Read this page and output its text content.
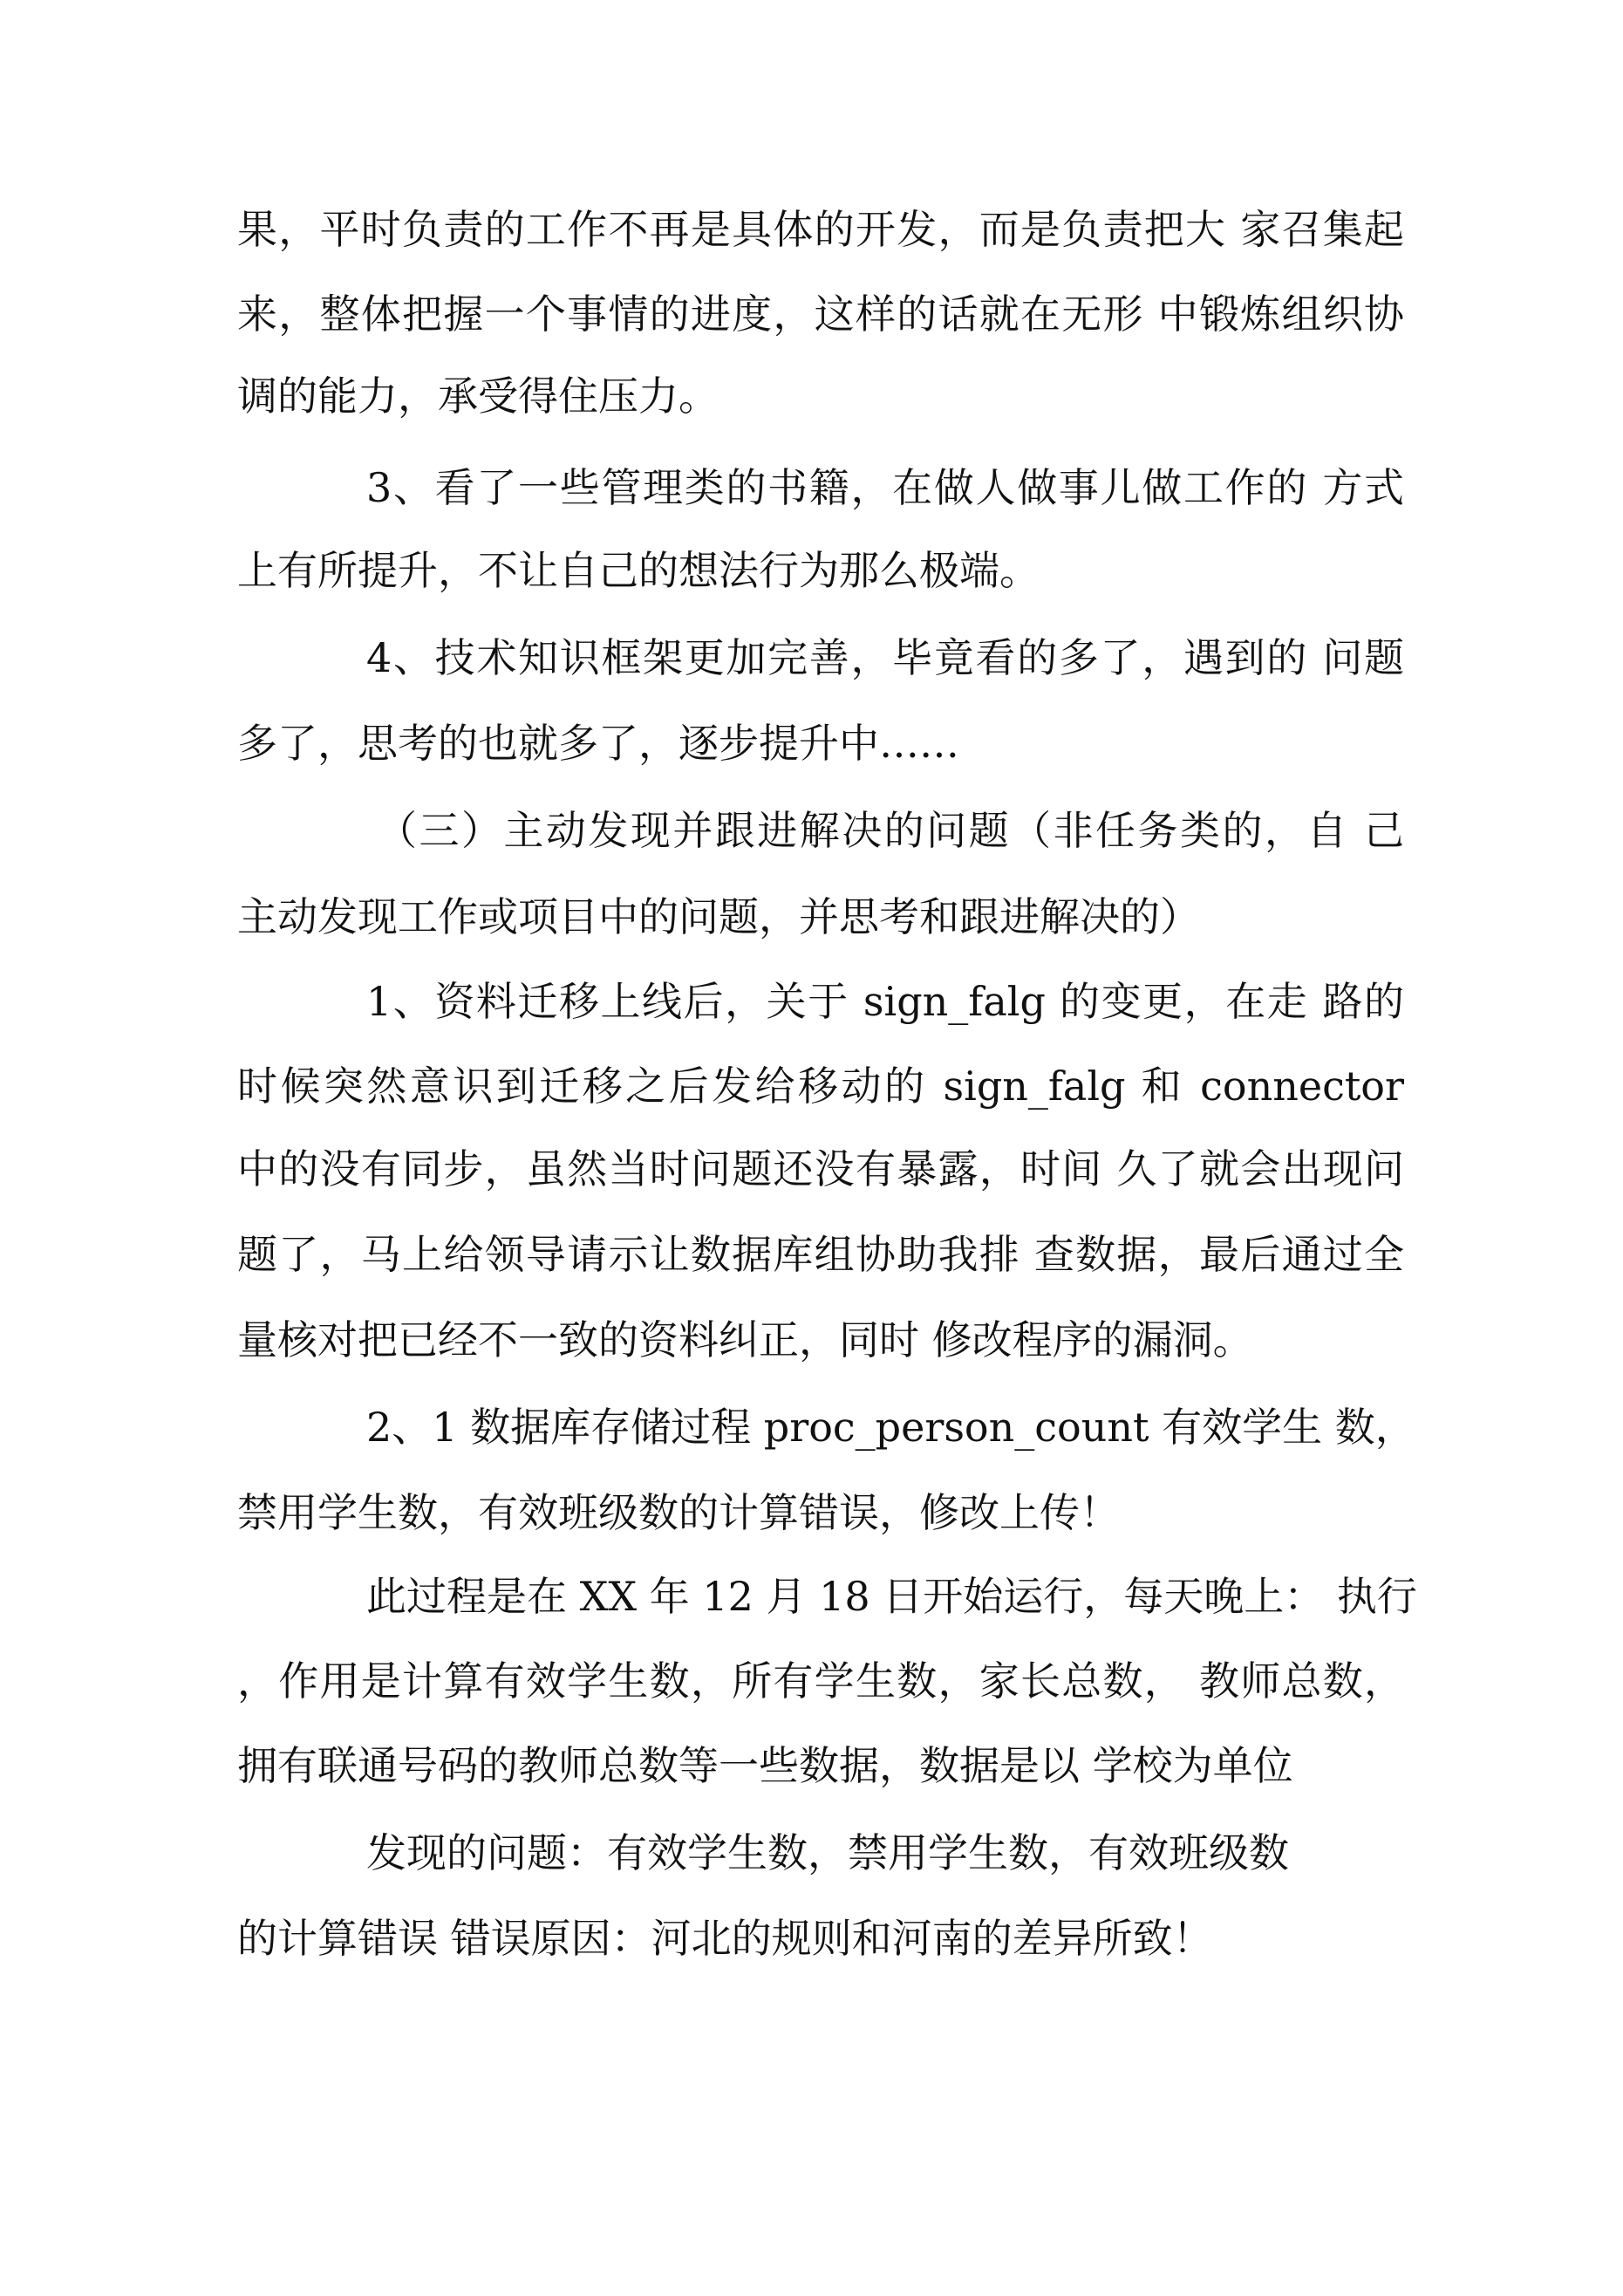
果，平时负责的工作不再是具体的开发，而是负责把大 家召集起
来，整体把握一个事情的进度，这样的话就在无形 中锻炼组织协
调的能力，承受得住压力。
3、看了一些管理类的书籍，在做人做事儿做工作的 方式
上有所提升，不让自己的想法行为那么极端。
4、技术知识框架更加完善，毕竟看的多了，遇到的 问题
多了，思考的也就多了，逐步提升中……
（三）主动发现并跟进解决的问题（非任务类的，自 己
主动发现工作或项目中的问题，并思考和跟进解决的）
1、资料迁移上线后，关于 sign_falg 的变更，在走 路的
时候突然意识到迁移之后发给移动的 sign_falg 和 connector
中的没有同步，虽然当时问题还没有暴露，时间 久了就会出现问
题了，马上给领导请示让数据库组协助我排 查数据，最后通过全
量核对把已经不一致的资料纠正，同时 修改程序的漏洞。
2、1 数据库存储过程 proc_person_count 有效学生 数，
禁用学生数，有效班级数的计算错误，修改上传！
此过程是在 XX 年 12 月 18 日开始运行，每天晚上： 执行
，作用是计算有效学生数，所有学生数，家长总数， 教师总数，
拥有联通号码的教师总数等一些数据，数据是以 学校为单位
发现的问题：有效学生数，禁用学生数，有效班级数
的计算错误 错误原因：河北的规则和河南的差异所致！
